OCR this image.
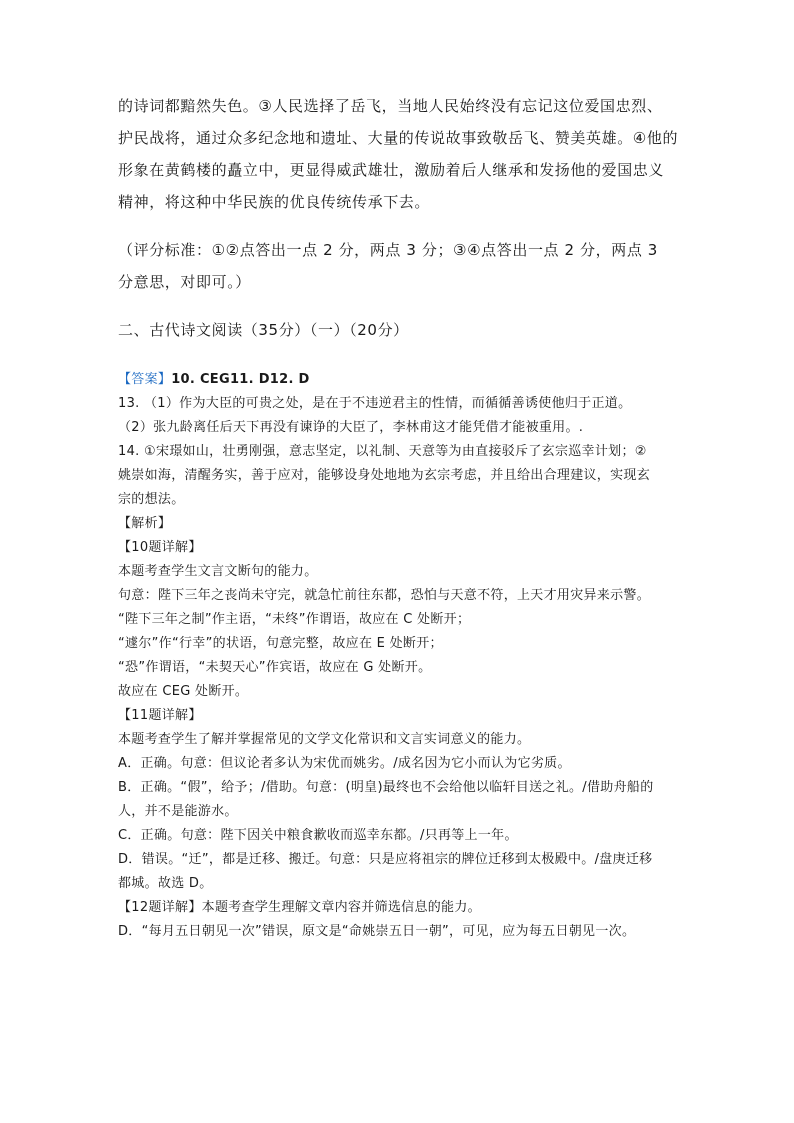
的诗词都黯然失色。③人民选择了岳飞，当地人民始终没有忘记这位爱国忠烈、
护民战将，通过众多纪念地和遗址、大量的传说故事致敬岳飞、赞美英雄。④他的
形象在黄鹤楼的矗立中，更显得威武雄壮，激励着后人继承和发扬他的爱国忠义
精神，将这种中华民族的优良传统传承下去。
（评分标准：①②点答出一点 2 分，两点 3 分；③④点答出一点 2 分，两点 3
分意思，对即可。）
二、古代诗文阅读（35分）（一）（20分）
【答案】10. CEG11. D12. D
13. （1）作为大臣的可贵之处，是在于不违逆君主的性情，而循循善诱使他归于正道。
（2）张九龄离任后天下再没有谏诤的大臣了，李林甫这才能凭借才能被重用。.
14. ①宋璟如山，壮勇刚强，意志坚定，以礼制、天意等为由直接驳斥了玄宗巡幸计划；②
姚崇如海，清醒务实，善于应对，能够设身处地地为玄宗考虑，并且给出合理建议，实现玄
宗的想法。
【解析】
【10题详解】
本题考查学生文言文断句的能力。
句意：陛下三年之丧尚未守完，就急忙前往东都，恐怕与天意不符，上天才用灾异来示警。
“陛下三年之制”作主语，“未终”作谓语，故应在 C 处断开；
“遽尔”作“行幸”的状语，句意完整，故应在 E 处断开；
“恐”作谓语，“未契天心”作宾语，故应在 G 处断开。
故应在 CEG 处断开。
【11题详解】
本题考查学生了解并掌握常见的文学文化常识和文言实词意义的能力。
A．正确。句意：但议论者多认为宋优而姚劣。/成名因为它小而认为它劣质。
B．正确。“假”，给予；/借助。句意：(明皇)最终也不会给他以临轩目送之礼。/借助舟船的
人，并不是能游水。
C．正确。句意：陛下因关中粮食歉收而巡幸东都。/只再等上一年。
D．错误。“迁”，都是迁移、搬迁。句意：只是应将祖宗的牌位迁移到太极殿中。/盘庚迁移
都城。故选 D。
【12题详解】本题考查学生理解文章内容并筛选信息的能力。
D．“每月五日朝见一次”错误，原文是“命姚崇五日一朝”，可见，应为每五日朝见一次。
